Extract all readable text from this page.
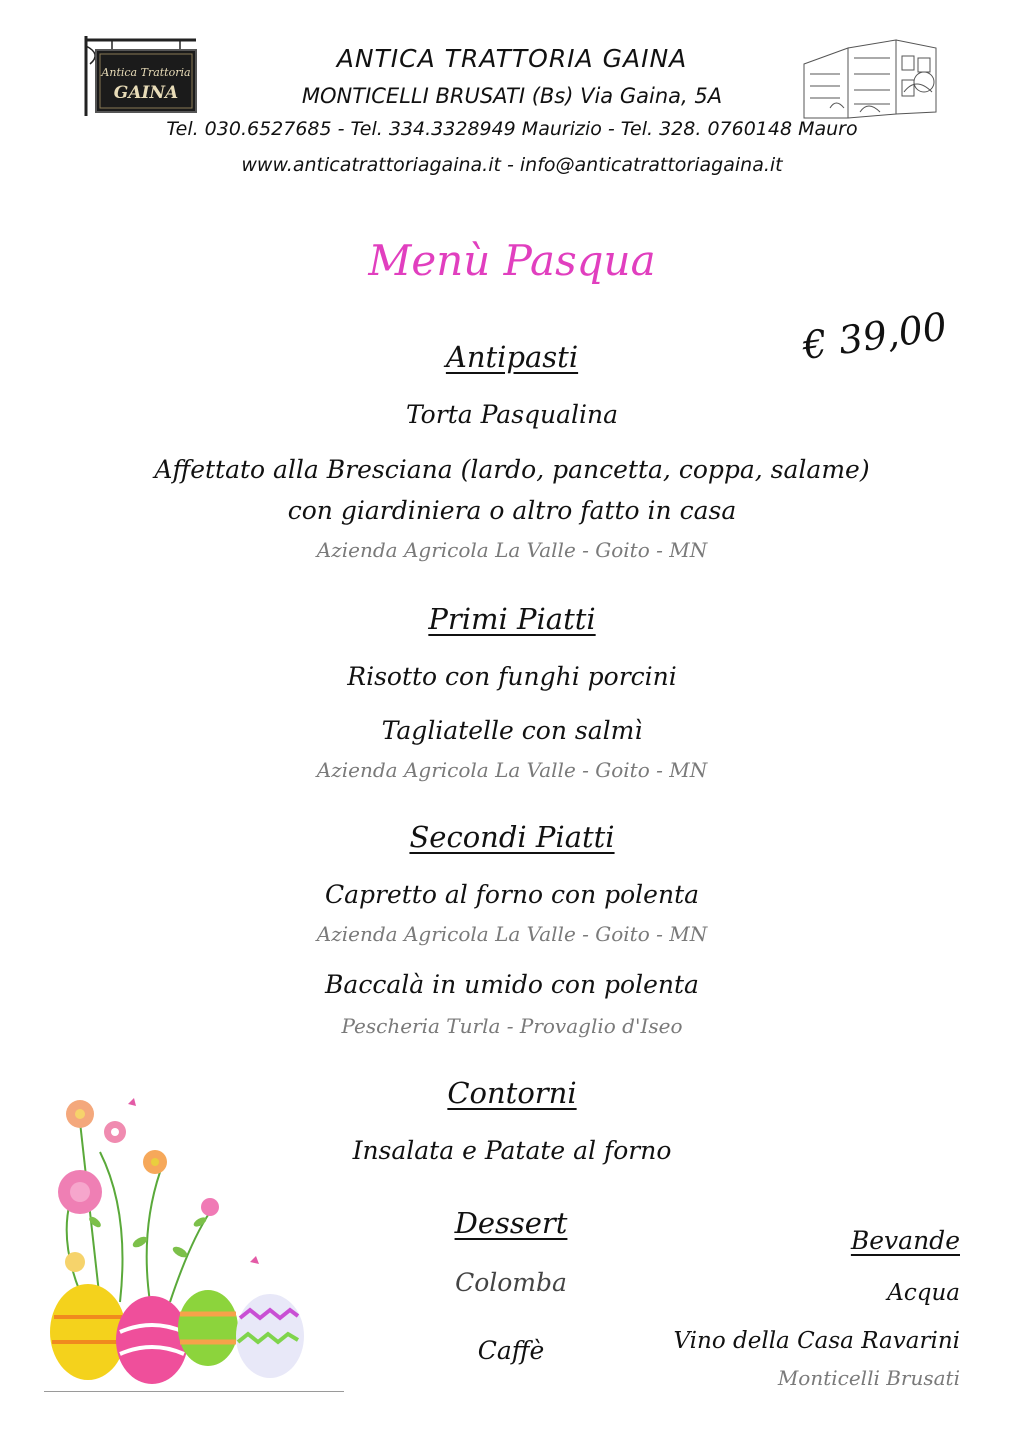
Antica Trattoria
GAINA
ANTICA TRATTORIA GAINA
MONTICELLI BRUSATI (Bs) Via Gaina, 5A
Tel. 030.6527685 - Tel. 334.3328949 Maurizio - Tel. 328. 0760148 Mauro
www.anticatrattoriagaina.it - info@anticatrattoriagaina.it
Menù Pasqua
€ 39,00
Antipasti
Torta Pasqualina
Affettato alla Bresciana (lardo, pancetta, coppa, salame)
con giardiniera o altro fatto in casa
Azienda Agricola La Valle - Goito - MN
Primi Piatti
Risotto con funghi porcini
Tagliatelle con salmì
Azienda Agricola La Valle - Goito - MN
Secondi Piatti
Capretto al forno con polenta
Azienda Agricola La Valle - Goito - MN
Baccalà in umido con polenta
Pescheria Turla - Provaglio d'Iseo
Contorni
Insalata e Patate al forno
Dessert
Colomba
Caffè
Bevande
Acqua
Vino della Casa Ravarini
Monticelli Brusati
